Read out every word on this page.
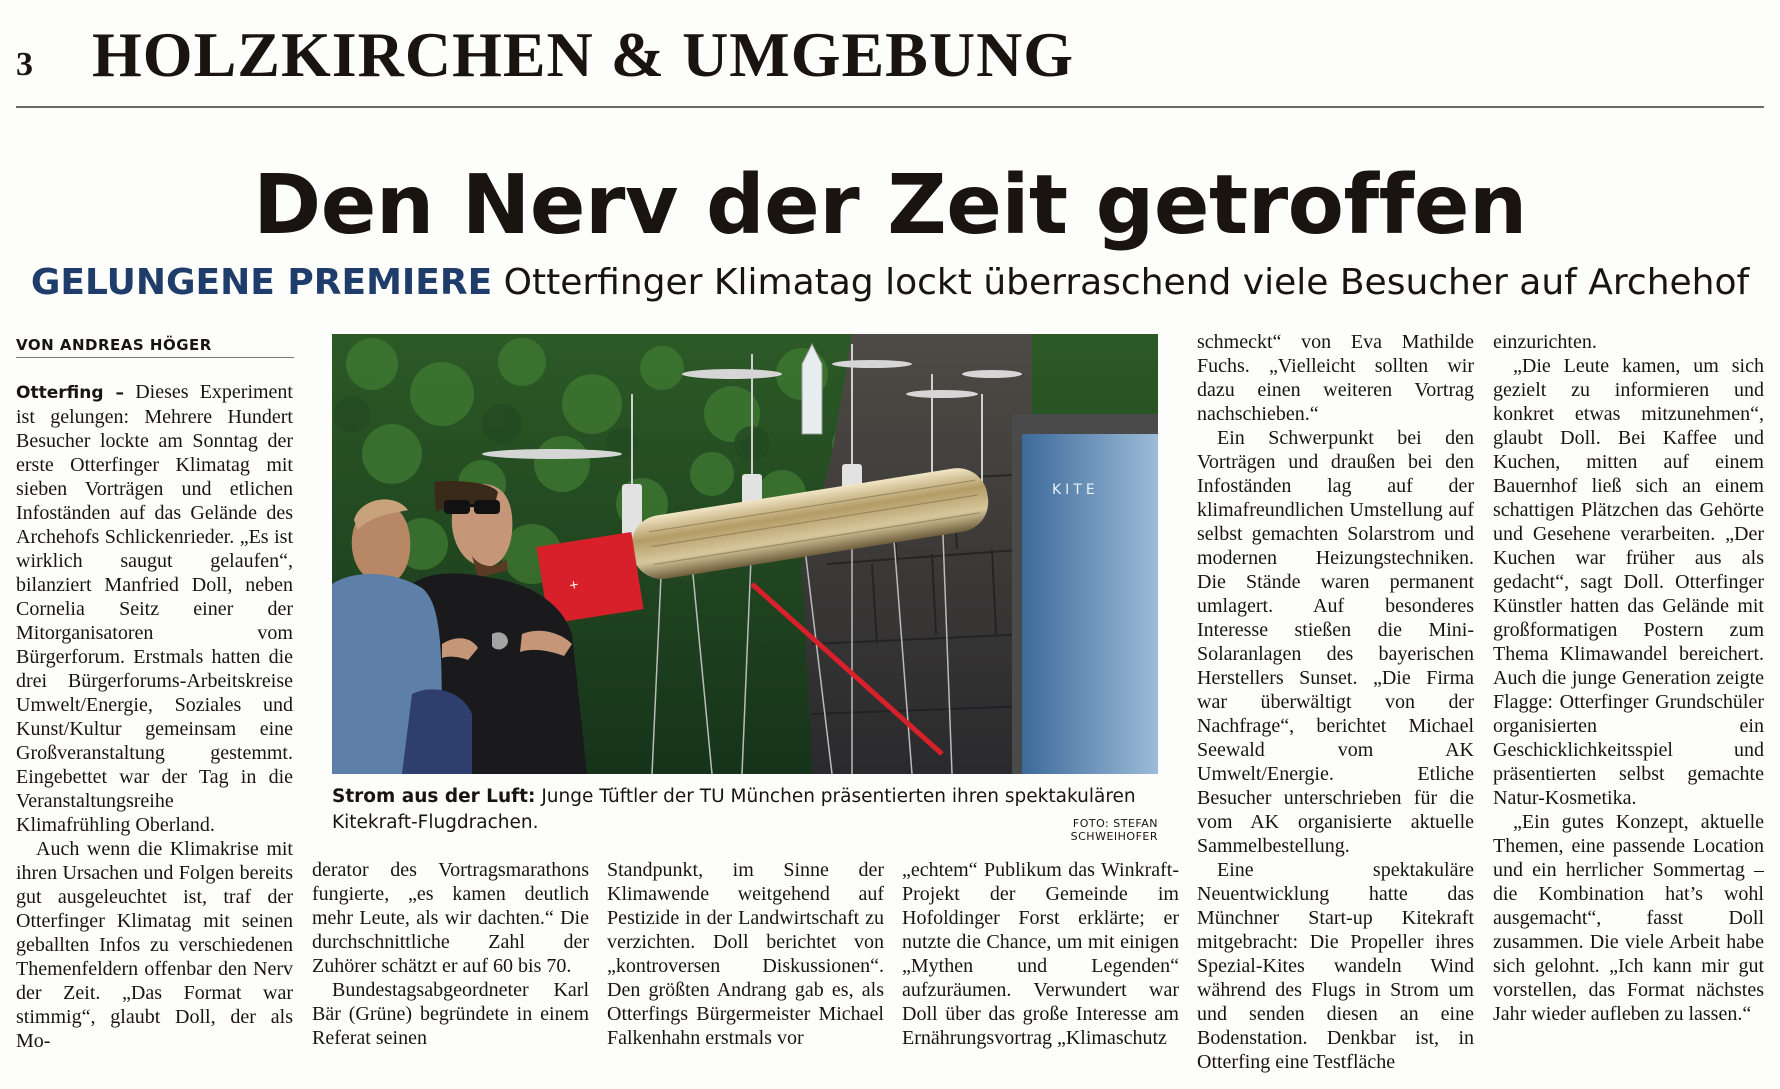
3 HOLZKIRCHEN & UMGEBUNG
Den Nerv der Zeit getroffen
GELUNGENE PREMIERE Otterfinger Klimatag lockt überraschend viele Besucher auf Archehof
VON ANDREAS HÖGER

Otterfing – Dieses Experiment ist gelungen: Mehrere Hundert Besucher lockte am Sonntag der erste Otterfinger Klimatag mit sieben Vorträgen und etlichen Infoständen auf das Gelände des Archehofs Schlickenrieder. „Es ist wirklich saugut gelaufen“, bilanziert Manfried Doll, neben Cornelia Seitz einer der Mitorganisatoren vom Bürgerforum. Erstmals hatten die drei Bürgerforums-Arbeitskreise Umwelt/Energie, Soziales und Kunst/Kultur gemeinsam eine Großveranstaltung gestemmt. Eingebettet war der Tag in die Veranstaltungsreihe Klimafrühling Oberland.

Auch wenn die Klimakrise mit ihren Ursachen und Folgen bereits gut ausgeleuchtet ist, traf der Otterfinger Klimatag mit seinen geballten Infos zu verschiedenen Themenfeldern offenbar den Nerv der Zeit. „Das Format war stimmig“, glaubt Doll, der als Mo-

KITE
+
Strom aus der Luft: Junge Tüftler der TU München präsentierten ihren spektakulären Kitekraft-Flugdrachen.	FOTO: STEFAN SCHWEIHOFER

derator des Vortragsmarathons fungierte, „es kamen deutlich mehr Leute, als wir dachten.“ Die durchschnittliche Zahl der Zuhörer schätzt er auf 60 bis 70.

Bundestagsabgeordneter Karl Bär (Grüne) begründete in einem Referat seinen

Standpunkt, im Sinne der Klimawende weitgehend auf Pestizide in der Landwirtschaft zu verzichten. Doll berichtet von „kontroversen Diskussionen“. Den größten Andrang gab es, als Otterfings Bürgermeister Michael Falkenhahn erstmals vor

„echtem“ Publikum das Winkraft-Projekt der Gemeinde im Hofoldinger Forst erklärte; er nutzte die Chance, um mit einigen „Mythen und Legenden“ aufzuräumen. Verwundert war Doll über das große Interesse am Ernährungsvortrag „Klimaschutz

schmeckt“ von Eva Mathilde Fuchs. „Vielleicht sollten wir dazu einen weiteren Vortrag nachschieben.“

Ein Schwerpunkt bei den Vorträgen und draußen bei den Infoständen lag auf der klimafreundlichen Umstellung auf selbst gemachten Solarstrom und modernen Heizungstechniken. Die Stände waren permanent umlagert. Auf besonderes Interesse stießen die Mini-Solaranlagen des bayerischen Herstellers Sunset. „Die Firma war überwältigt von der Nachfrage“, berichtet Michael Seewald vom AK Umwelt/Energie. Etliche Besucher unterschrieben für die vom AK organisierte aktuelle Sammelbestellung.

Eine spektakuläre Neuentwicklung hatte das Münchner Start-up Kitekraft mitgebracht: Die Propeller ihres Spezial-Kites wandeln Wind während des Flugs in Strom um und senden diesen an eine Bodenstation. Denkbar ist, in Otterfing eine Testfläche

einzurichten.

„Die Leute kamen, um sich gezielt zu informieren und konkret etwas mitzunehmen“, glaubt Doll. Bei Kaffee und Kuchen, mitten auf einem Bauernhof ließ sich an einem schattigen Plätzchen das Gehörte und Gesehene verarbeiten. „Der Kuchen war früher aus als gedacht“, sagt Doll. Otterfinger Künstler hatten das Gelände mit großformatigen Postern zum Thema Klimawandel bereichert. Auch die junge Generation zeigte Flagge: Otterfinger Grundschüler organisierten ein Geschicklichkeitsspiel und präsentierten selbst gemachte Natur-Kosmetika.

„Ein gutes Konzept, aktuelle Themen, eine passende Location und ein herrlicher Sommertag – die Kombination hat’s wohl ausgemacht“, fasst Doll zusammen. Die viele Arbeit habe sich gelohnt. „Ich kann mir gut vorstellen, das Format nächstes Jahr wieder aufleben zu lassen.“
